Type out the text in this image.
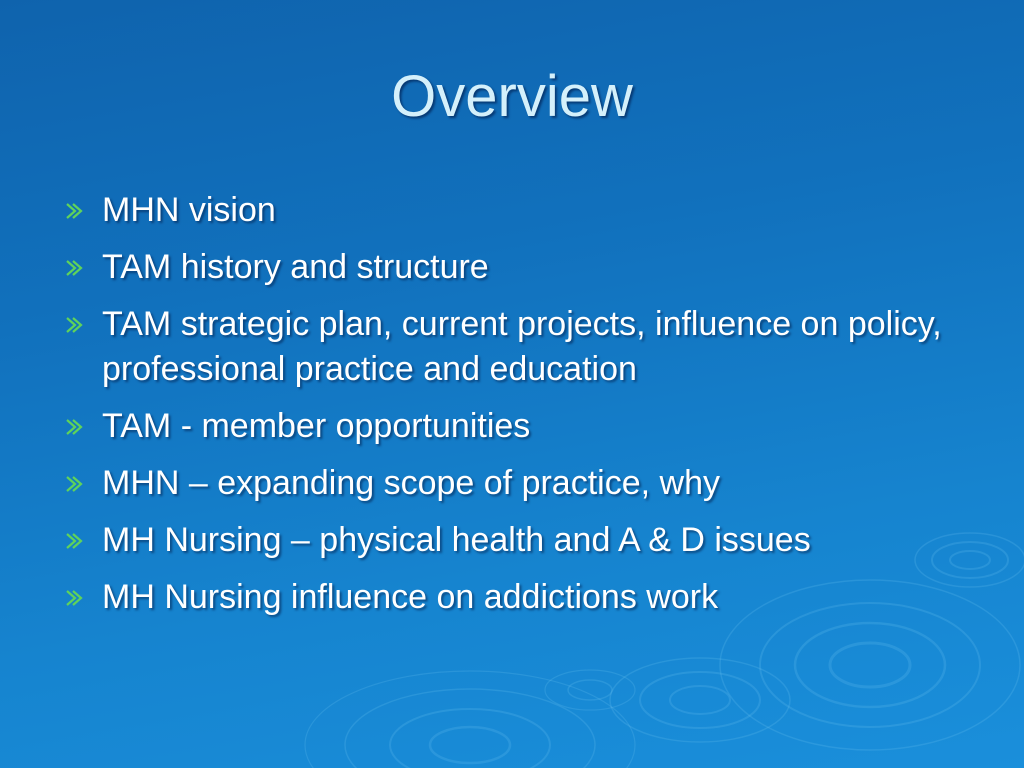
Overview
MHN vision
TAM history and structure
TAM strategic plan, current projects, influence on policy, professional practice and education
TAM - member opportunities
MHN – expanding scope of practice, why
MH Nursing – physical health and A & D issues
MH Nursing influence on addictions work
